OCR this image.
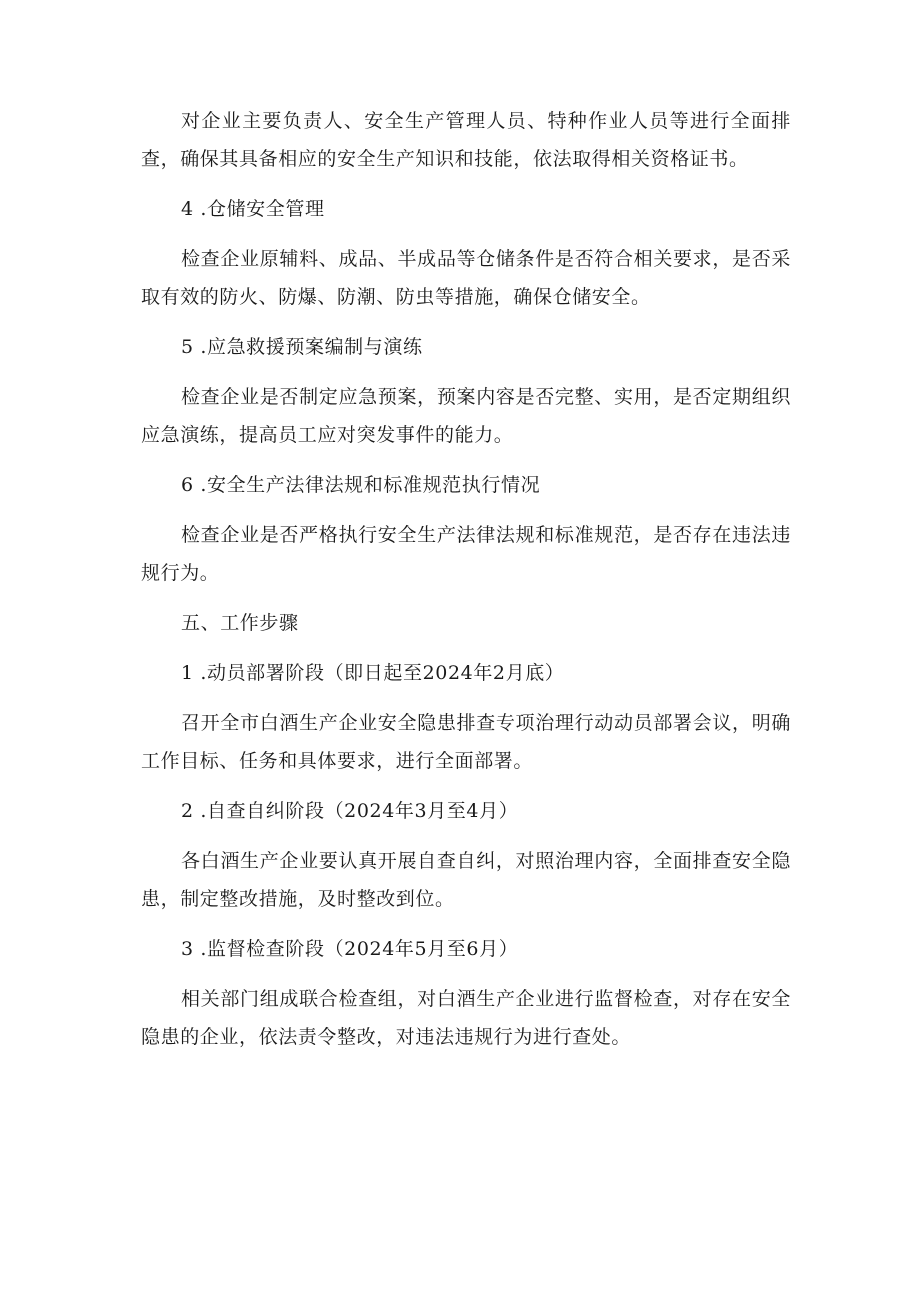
对企业主要负责人、安全生产管理人员、特种作业人员等进行全面排查，确保其具备相应的安全生产知识和技能，依法取得相关资格证书。

4 .仓储安全管理

检查企业原辅料、成品、半成品等仓储条件是否符合相关要求，是否采取有效的防火、防爆、防潮、防虫等措施，确保仓储安全。

5 .应急救援预案编制与演练

检查企业是否制定应急预案，预案内容是否完整、实用，是否定期组织应急演练，提高员工应对突发事件的能力。

6 .安全生产法律法规和标准规范执行情况

检查企业是否严格执行安全生产法律法规和标准规范，是否存在违法违规行为。

五、工作步骤

1 .动员部署阶段（即日起至2024年2月底）

召开全市白酒生产企业安全隐患排查专项治理行动动员部署会议，明确工作目标、任务和具体要求，进行全面部署。

2 .自查自纠阶段（2024年3月至4月）

各白酒生产企业要认真开展自查自纠，对照治理内容，全面排查安全隐患，制定整改措施，及时整改到位。

3 .监督检查阶段（2024年5月至6月）

相关部门组成联合检查组，对白酒生产企业进行监督检查，对存在安全隐患的企业，依法责令整改，对违法违规行为进行查处。
